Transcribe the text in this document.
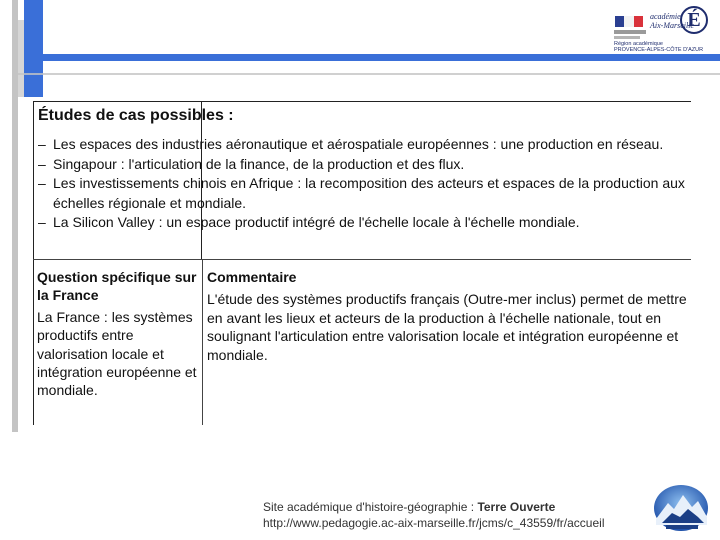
académie
Aix-Marseille
É
Région académique
PROVENCE-ALPES-CÔTE D'AZUR
Études de cas possibles :
– Les espaces des industries aéronautique et aérospatiale européennes : une production en réseau.
– Singapour : l'articulation de la finance, de la production et des flux.
– Les investissements chinois en Afrique : la recomposition des acteurs et espaces de la production aux échelles régionale et mondiale.
– La Silicon Valley : un espace productif intégré de l'échelle locale à l'échelle mondiale.
Question spécifique sur la France
La France : les systèmes productifs entre valorisation locale et intégration européenne et mondiale.
Commentaire
L'étude des systèmes productifs français (Outre-mer inclus) permet de mettre en avant les lieux et acteurs de la production à l'échelle nationale, tout en soulignant l'articulation entre valorisation locale et intégration européenne et mondiale.
Site académique d'histoire-géographie : Terre Ouverte
http://www.pedagogie.ac-aix-marseille.fr/jcms/c_43559/fr/accueil
